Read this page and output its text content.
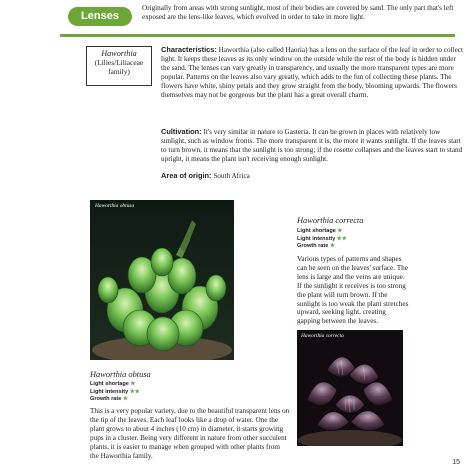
Lenses
Originally from areas with strong sunlight, most of their bodies are covered by sand. The only part that's left exposed are the lens-like leaves, which evolved in order to take in more light.
Haworthia
(Lilies/Liliaceae family)
Characteristics: Haworthia (also called Haoria) has a lens on the surface of the leaf in order to collect light. It keeps these leaves as its only window on the outside while the rest of the body is hidden under the sand. The lenses can vary greatly in transparency, and usually the more transparent types are more popular. Patterns on the leaves also vary greatly, which adds to the fun of collecting these plants. The flowers have white, shiny petals and they grow straight from the body, blooming upwards. The flowers themselves may not be gorgeous but the plant has a great overall charm.
Cultivation: It's very similar in nature to Gasteria. It can be grown in places with relatively low sunlight, such as window fronts. The more transparent it is, the more it wants sunlight. If the leaves start to turn brown, it means that the sunlight is too strong; if the rosette collapses and the leaves start to stand upright, it means the plant isn't receiving enough sunlight.
Area of origin: South Africa
Haworthia obtusa
Haworthia obtusa
Light shortage ★
Light intensity ★★
Growth rate ★
This is a very popular variety, due to the beautiful transparent lens on the tip of the leaves. Each leaf looks like a drop of water. One the plant grows to about 4 inches (10 cm) in diameter, it starts growing pups in a cluster. Being very different in nature from other succulent plants, it is easier to manage when grouped with other plants from the Haworthia family.
Haworthia correcta
Light shortage ★
Light intensity ★★
Growth rate ★
Various types of patterns and shapes can be seen on the leaves' surface. The lens is large and the veins are unique. If the sunlight it receives is too strong the plant will turn brown. If the sunlight is too weak the plant stretches upward, seeking light, creating gapping between the leaves.
Haworthia correcta
15
